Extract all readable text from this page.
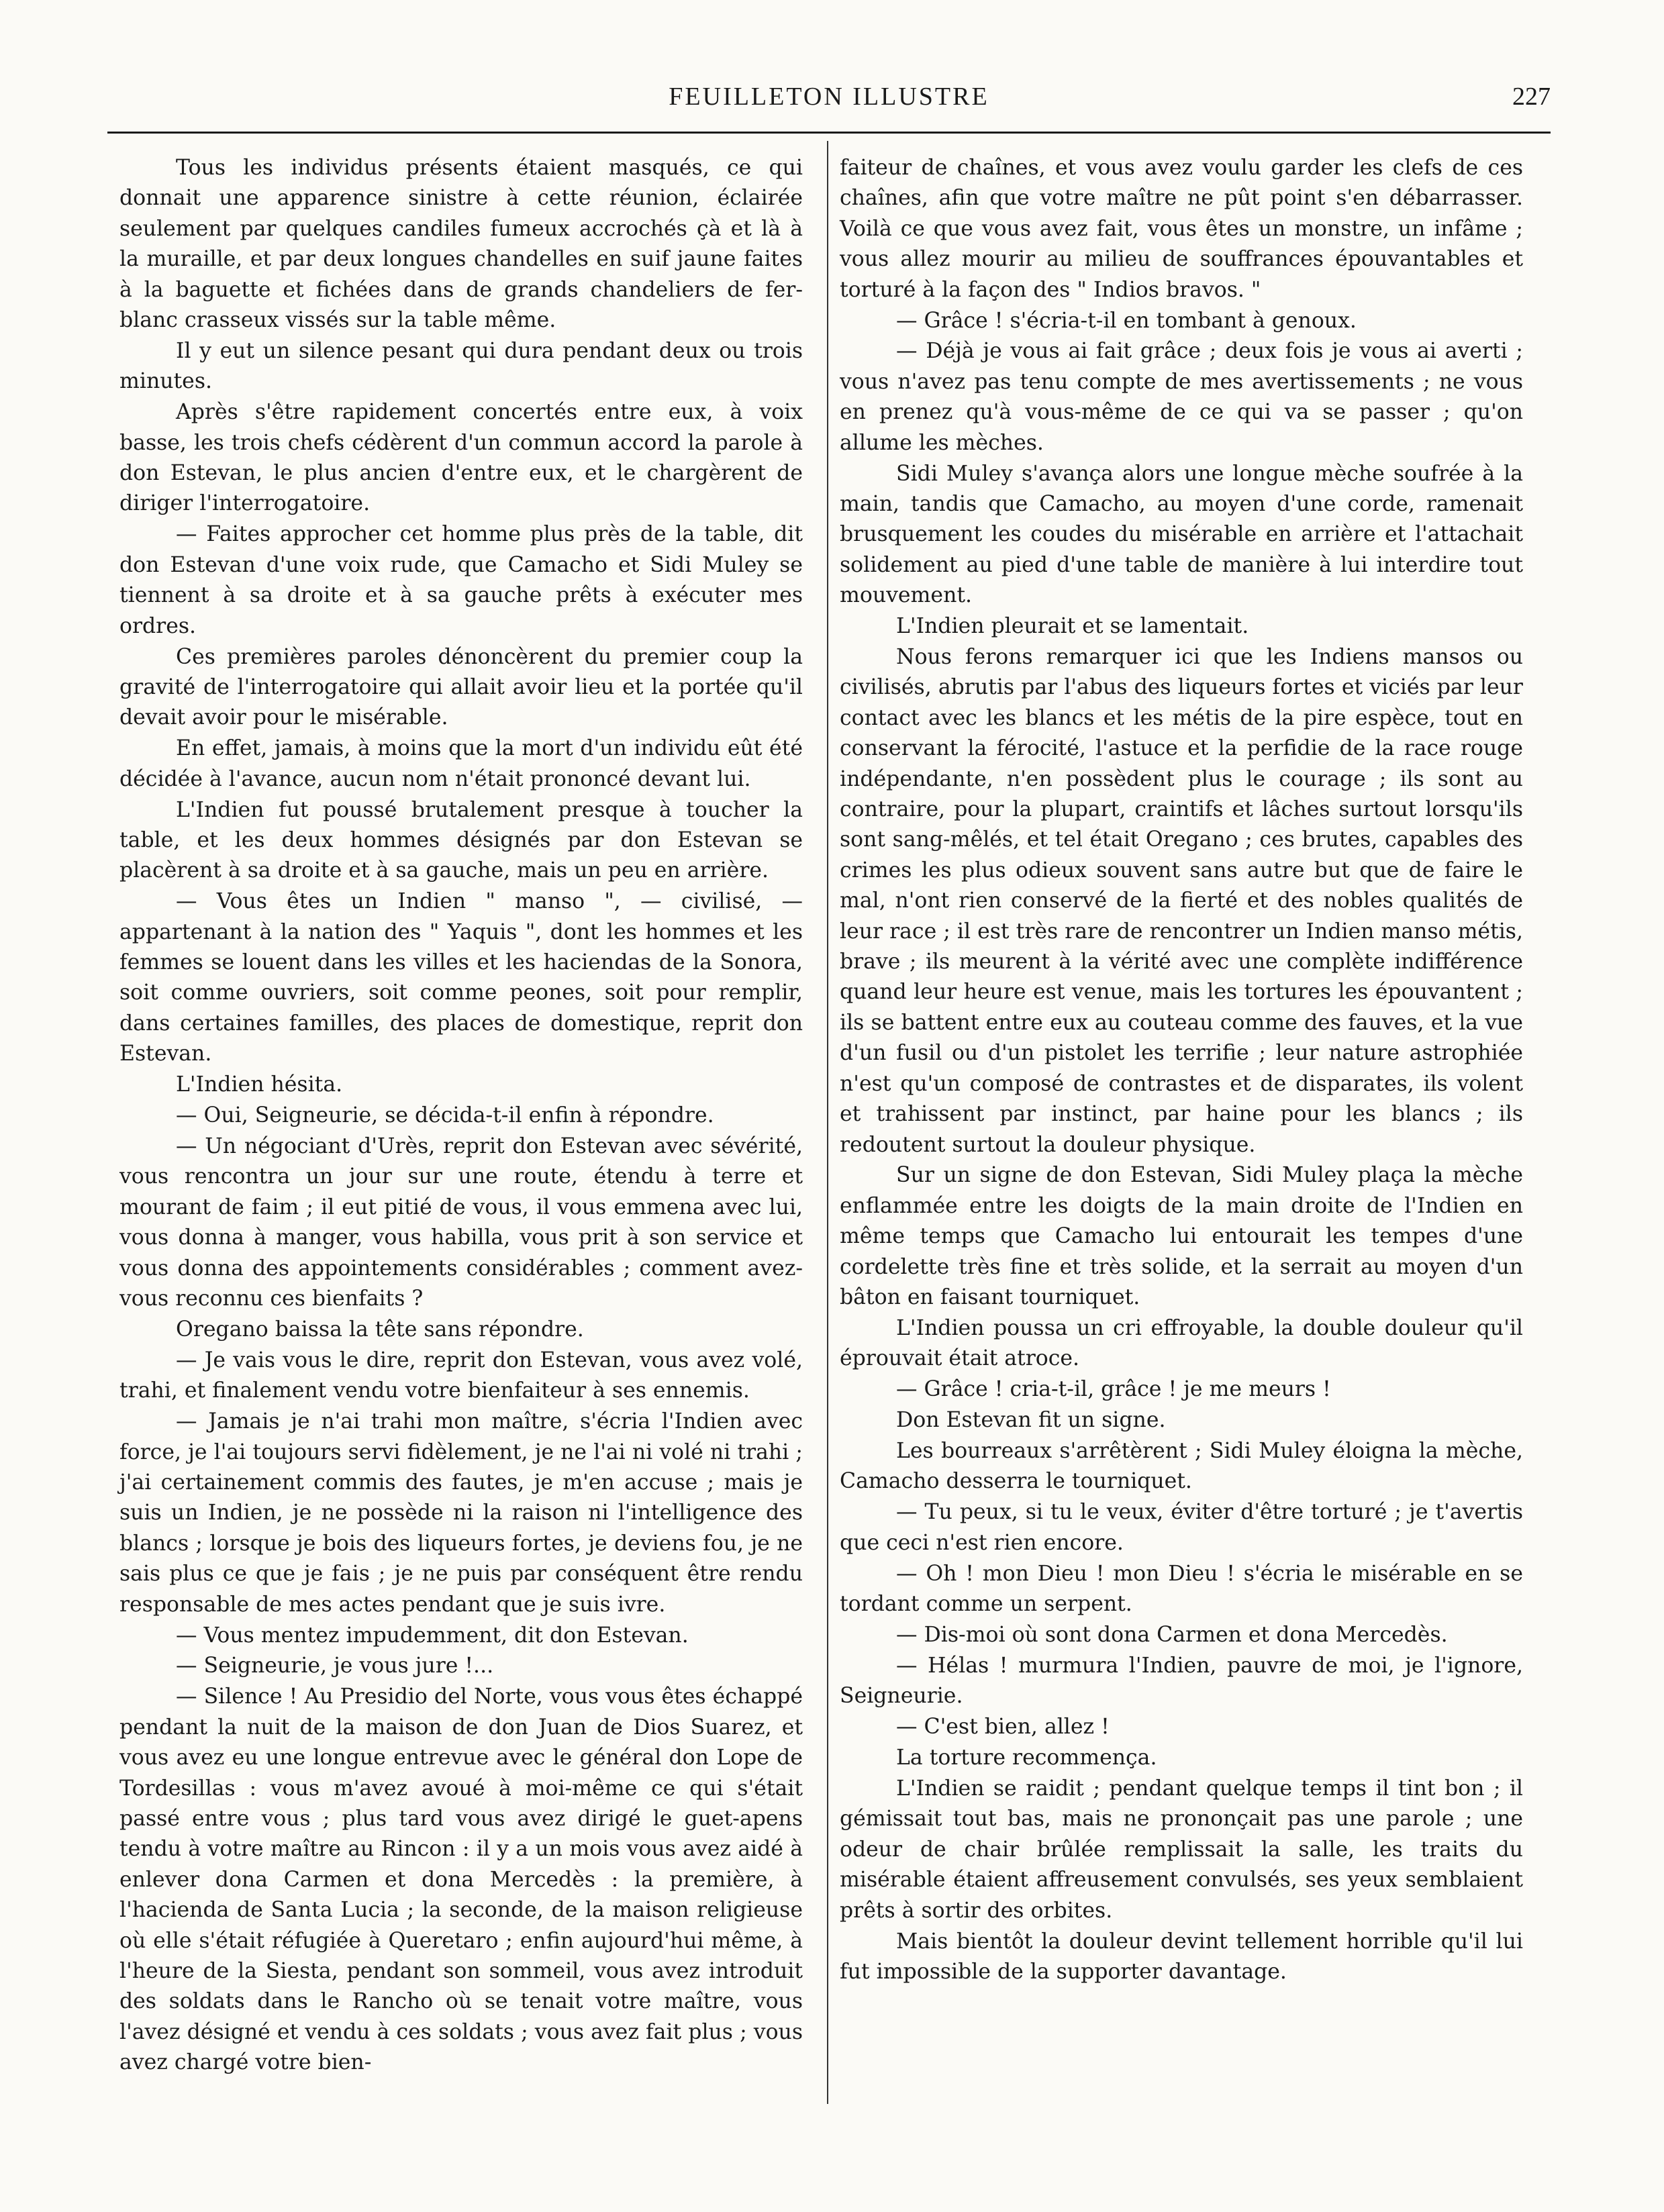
FEUILLETON ILLUSTRE	227

Tous les individus présents étaient masqués, ce qui donnait une apparence sinistre à cette réunion, éclairée seulement par quelques candiles fumeux accrochés çà et là à la muraille, et par deux longues chandelles en suif jaune faites à la baguette et fichées dans de grands chandeliers de fer-blanc crasseux vissés sur la table même.

Il y eut un silence pesant qui dura pendant deux ou trois minutes.

Après s'être rapidement concertés entre eux, à voix basse, les trois chefs cédèrent d'un commun accord la parole à don Estevan, le plus ancien d'entre eux, et le chargèrent de diriger l'interrogatoire.

— Faites approcher cet homme plus près de la table, dit don Estevan d'une voix rude, que Camacho et Sidi Muley se tiennent à sa droite et à sa gauche prêts à exécuter mes ordres.

Ces premières paroles dénoncèrent du premier coup la gravité de l'interrogatoire qui allait avoir lieu et la portée qu'il devait avoir pour le misérable.

En effet, jamais, à moins que la mort d'un individu eût été décidée à l'avance, aucun nom n'était prononcé devant lui.

L'Indien fut poussé brutalement presque à toucher la table, et les deux hommes désignés par don Estevan se placèrent à sa droite et à sa gauche, mais un peu en arrière.

— Vous êtes un Indien " manso ", — civilisé, — appartenant à la nation des " Yaquis ", dont les hommes et les femmes se louent dans les villes et les haciendas de la Sonora, soit comme ouvriers, soit comme peones, soit pour remplir, dans certaines familles, des places de domestique, reprit don Estevan.

L'Indien hésita.

— Oui, Seigneurie, se décida-t-il enfin à répondre.

— Un négociant d'Urès, reprit don Estevan avec sévérité, vous rencontra un jour sur une route, étendu à terre et mourant de faim ; il eut pitié de vous, il vous emmena avec lui, vous donna à manger, vous habilla, vous prit à son service et vous donna des appointements considérables ; comment avez-vous reconnu ces bienfaits ?

Oregano baissa la tête sans répondre.

— Je vais vous le dire, reprit don Estevan, vous avez volé, trahi, et finalement vendu votre bienfaiteur à ses ennemis.

— Jamais je n'ai trahi mon maître, s'écria l'Indien avec force, je l'ai toujours servi fidèlement, je ne l'ai ni volé ni trahi ; j'ai certainement commis des fautes, je m'en accuse ; mais je suis un Indien, je ne possède ni la raison ni l'intelligence des blancs ; lorsque je bois des liqueurs fortes, je deviens fou, je ne sais plus ce que je fais ; je ne puis par conséquent être rendu responsable de mes actes pendant que je suis ivre.

— Vous mentez impudemment, dit don Estevan.

— Seigneurie, je vous jure !...

— Silence ! Au Presidio del Norte, vous vous êtes échappé pendant la nuit de la maison de don Juan de Dios Suarez, et vous avez eu une longue entrevue avec le général don Lope de Tordesillas : vous m'avez avoué à moi-même ce qui s'était passé entre vous ; plus tard vous avez dirigé le guet-apens tendu à votre maître au Rincon : il y a un mois vous avez aidé à enlever dona Carmen et dona Mercedès : la première, à l'hacienda de Santa Lucia ; la seconde, de la maison religieuse où elle s'était réfugiée à Queretaro ; enfin aujourd'hui même, à l'heure de la Siesta, pendant son sommeil, vous avez introduit des soldats dans le Rancho où se tenait votre maître, vous l'avez désigné et vendu à ces soldats ; vous avez fait plus ; vous avez chargé votre bien-

faiteur de chaînes, et vous avez voulu garder les clefs de ces chaînes, afin que votre maître ne pût point s'en débarrasser. Voilà ce que vous avez fait, vous êtes un monstre, un infâme ; vous allez mourir au milieu de souffrances épouvantables et torturé à la façon des " Indios bravos. "

— Grâce ! s'écria-t-il en tombant à genoux.

— Déjà je vous ai fait grâce ; deux fois je vous ai averti ; vous n'avez pas tenu compte de mes avertissements ; ne vous en prenez qu'à vous-même de ce qui va se passer ; qu'on allume les mèches.

Sidi Muley s'avança alors une longue mèche soufrée à la main, tandis que Camacho, au moyen d'une corde, ramenait brusquement les coudes du misérable en arrière et l'attachait solidement au pied d'une table de manière à lui interdire tout mouvement.

L'Indien pleurait et se lamentait.

Nous ferons remarquer ici que les Indiens mansos ou civilisés, abrutis par l'abus des liqueurs fortes et viciés par leur contact avec les blancs et les métis de la pire espèce, tout en conservant la férocité, l'astuce et la perfidie de la race rouge indépendante, n'en possèdent plus le courage ; ils sont au contraire, pour la plupart, craintifs et lâches surtout lorsqu'ils sont sang-mêlés, et tel était Oregano ; ces brutes, capables des crimes les plus odieux souvent sans autre but que de faire le mal, n'ont rien conservé de la fierté et des nobles qualités de leur race ; il est très rare de rencontrer un Indien manso métis, brave ; ils meurent à la vérité avec une complète indifférence quand leur heure est venue, mais les tortures les épouvantent ; ils se battent entre eux au couteau comme des fauves, et la vue d'un fusil ou d'un pistolet les terrifie ; leur nature astrophiée n'est qu'un composé de contrastes et de disparates, ils volent et trahissent par instinct, par haine pour les blancs ; ils redoutent surtout la douleur physique.

Sur un signe de don Estevan, Sidi Muley plaça la mèche enflammée entre les doigts de la main droite de l'Indien en même temps que Camacho lui entourait les tempes d'une cordelette très fine et très solide, et la serrait au moyen d'un bâton en faisant tourniquet.

L'Indien poussa un cri effroyable, la double douleur qu'il éprouvait était atroce.

— Grâce ! cria-t-il, grâce ! je me meurs !

Don Estevan fit un signe.

Les bourreaux s'arrêtèrent ; Sidi Muley éloigna la mèche, Camacho desserra le tourniquet.

— Tu peux, si tu le veux, éviter d'être torturé ; je t'avertis que ceci n'est rien encore.

— Oh ! mon Dieu ! mon Dieu ! s'écria le misérable en se tordant comme un serpent.

— Dis-moi où sont dona Carmen et dona Mercedès.

— Hélas ! murmura l'Indien, pauvre de moi, je l'ignore, Seigneurie.

— C'est bien, allez !

La torture recommença.

L'Indien se raidit ; pendant quelque temps il tint bon ; il gémissait tout bas, mais ne prononçait pas une parole ; une odeur de chair brûlée remplissait la salle, les traits du misérable étaient affreusement convulsés, ses yeux semblaient prêts à sortir des orbites.

Mais bientôt la douleur devint tellement horrible qu'il lui fut impossible de la supporter davantage.
